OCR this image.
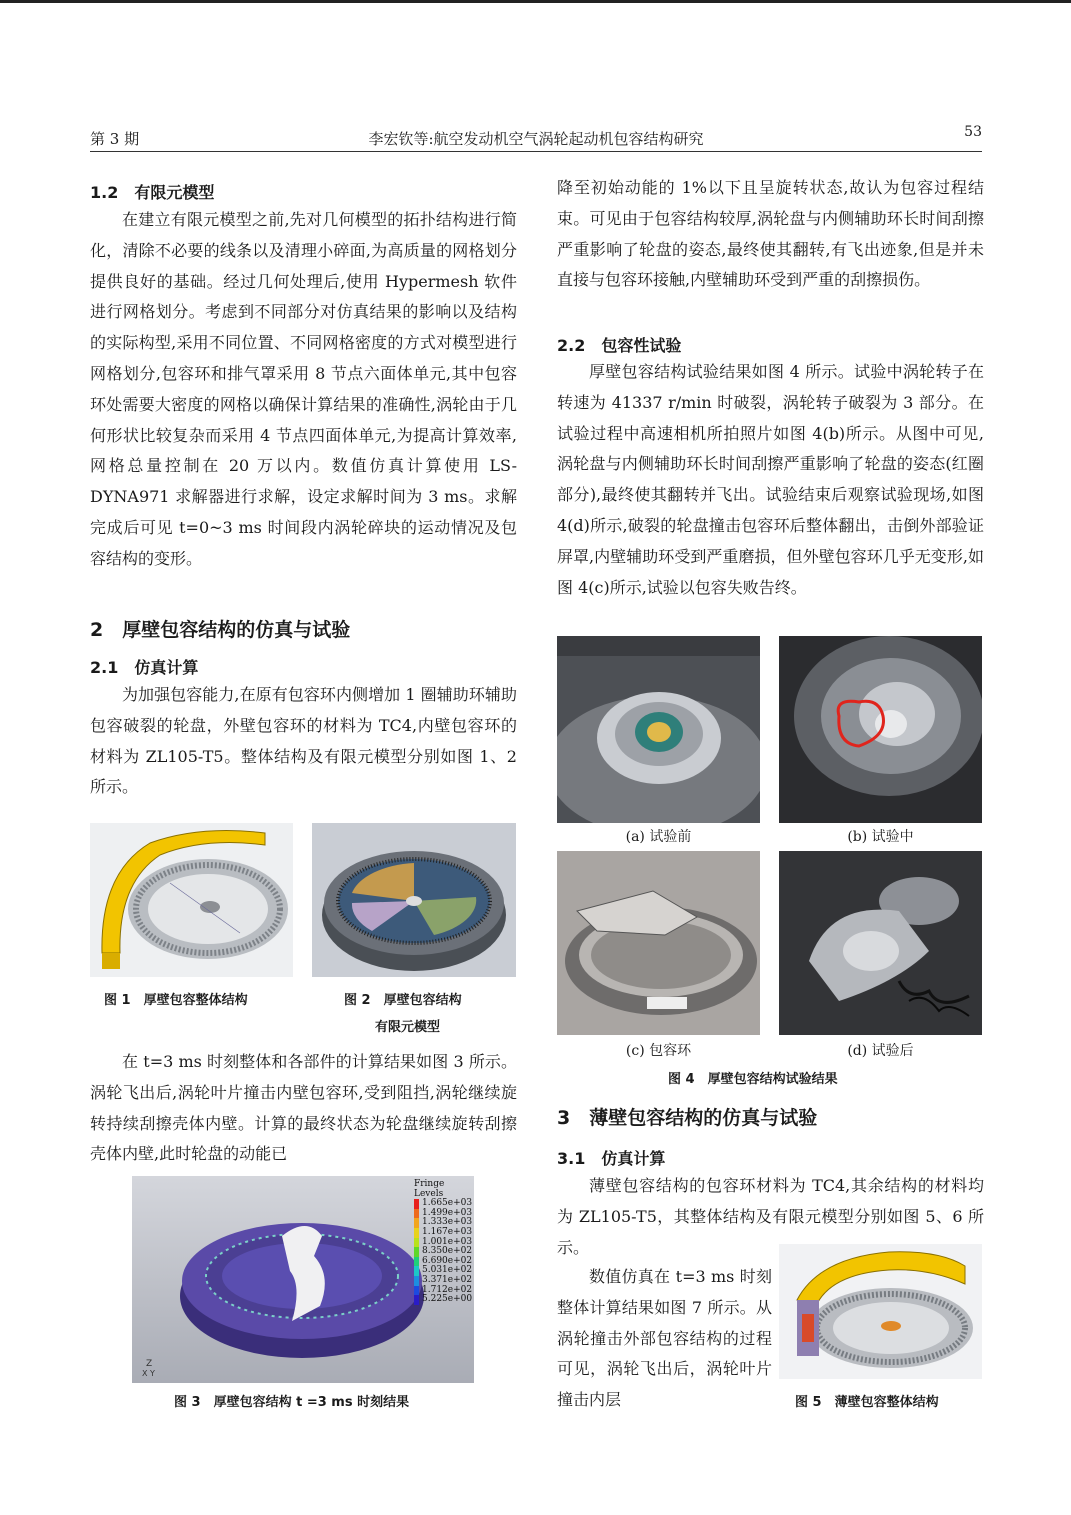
第 3 期	李宏钦等:航空发动机空气涡轮起动机包容结构研究	53
1.2　有限元模型

在建立有限元模型之前,先对几何模型的拓扑结构进行简化，清除不必要的线条以及清理小碎面,为高质量的网格划分提供良好的基础。经过几何处理后,使用 Hypermesh 软件进行网格划分。考虑到不同部分对仿真结果的影响以及结构的实际构型,采用不同位置、不同网格密度的方式对模型进行网格划分,包容环和排气罩采用 8 节点六面体单元,其中包容环处需要大密度的网格以确保计算结果的准确性,涡轮由于几何形状比较复杂而采用 4 节点四面体单元,为提高计算效率,网格总量控制在 20 万以内。数值仿真计算使用 LS-DYNA971 求解器进行求解，设定求解时间为 3 ms。求解完成后可见 t=0~3 ms 时间段内涡轮碎块的运动情况及包容结构的变形。

2　厚壁包容结构的仿真与试验
2.1　仿真计算

为加强包容能力,在原有包容环内侧增加 1 圈辅助环辅助包容破裂的轮盘，外壁包容环的材料为 TC4,内壁包容环的材料为 ZL105-T5。整体结构及有限元模型分别如图 1、2 所示。

图 1　厚壁包容整体结构	图 2　厚壁包容结构
有限元模型

在 t=3 ms 时刻整体和各部件的计算结果如图 3 所示。涡轮飞出后,涡轮叶片撞击内壁包容环,受到阻挡,涡轮继续旋转持续刮擦壳体内壁。计算的最终状态为轮盘继续旋转刮擦壳体内壁,此时轮盘的动能已

Z
X Y
Fringe Levels
1.665e+03
1.499e+03
1.333e+03
1.167e+03
1.001e+03
8.350e+02
6.690e+02
5.031e+02
3.371e+02
1.712e+02
5.225e+00
图 3　厚壁包容结构 t =3 ms 时刻结果

降至初始动能的 1%以下且呈旋转状态,故认为包容过程结束。可见由于包容结构较厚,涡轮盘与内侧辅助环长时间刮擦严重影响了轮盘的姿态,最终使其翻转,有飞出迹象,但是并未直接与包容环接触,内壁辅助环受到严重的刮擦损伤。

2.2　包容性试验

厚壁包容结构试验结果如图 4 所示。试验中涡轮转子在转速为 41337 r/min 时破裂，涡轮转子破裂为 3 部分。在试验过程中高速相机所拍照片如图 4(b)所示。从图中可见,涡轮盘与内侧辅助环长时间刮擦严重影响了轮盘的姿态(红圈部分),最终使其翻转并飞出。试验结束后观察试验现场,如图 4(d)所示,破裂的轮盘撞击包容环后整体翻出，击倒外部验证屏罩,内壁辅助环受到严重磨损，但外壁包容环几乎无变形,如图 4(c)所示,试验以包容失败告终。

(a) 试验前	(b) 试验中
(c) 包容环	(d) 试验后
图 4　厚壁包容结构试验结果
3　薄壁包容结构的仿真与试验
3.1　仿真计算

薄壁包容结构的包容环材料为 TC4,其余结构的材料均为 ZL105-T5，其整体结构及有限元模型分别如图 5、6 所示。

数值仿真在 t=3 ms 时刻整体计算结果如图 7 所示。从涡轮撞击外部包容结构的过程可见，涡轮飞出后，涡轮叶片撞击内层	图 5　薄壁包容整体结构
